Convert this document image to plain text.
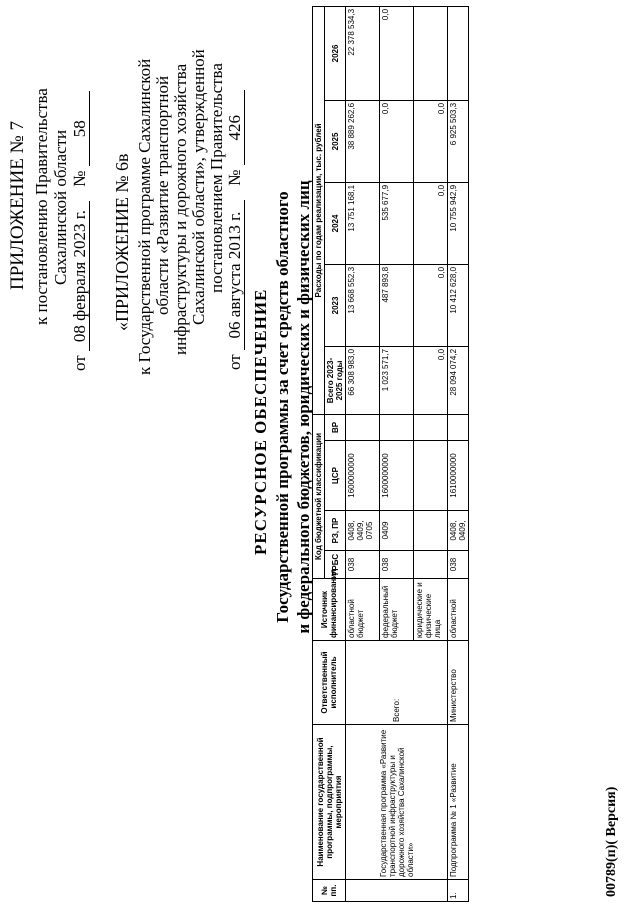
ПРИЛОЖЕНИЕ № 7 к постановлению Правительства Сахалинской области
от 08 февраля 2023 г. № 58
«ПРИЛОЖЕНИЕ № 6в к Государственной программе Сахалинской области «Развитие транспортной инфраструктуры и дорожного хозяйства Сахалинской области», утвержденной постановлением Правительства
от 06 августа 2013 г. № 426
РЕСУРСНОЕ ОБЕСПЕЧЕНИЕ Государственной программы за счет средств областного и федерального бюджетов, юридических и физических лиц
№ пп.	Наименование государственной программы, подпрограммы, мероприятия	Ответственный исполнитель	Источник финансирования	Код бюджетной классификации				Расходы по годам реализации, тыс. рублей				
				ГРБС	РЗ, ПР	ЦСР	ВР	Всего 2023-2025 годы	2023	2024	2025	2026
	Государственная программа «Развитие транспортной инфраструктуры и дорожного хозяйства Сахалинской области»	Всего:	областной бюджет	038	0408, 0409, 0705	1600000000		66 308 983,0	13 668 552,3	13 751 168,1	38 889 262,6	22 378 534,3
			федеральный бюджет	038	0409	1600000000		1 023 571,7	487 893,8	535 677,9	0,0	0,0
			юридические и физические лица					0,0	0,0	0,0	0,0	
1.	Подпрограмма № 1 «Развитие	Министерство	областной	038	0408, 0409,	1610000000		28 094 074,2	10 412 628,0	10 755 942,9	6 925 503,3	
00789(п)( Версия)
